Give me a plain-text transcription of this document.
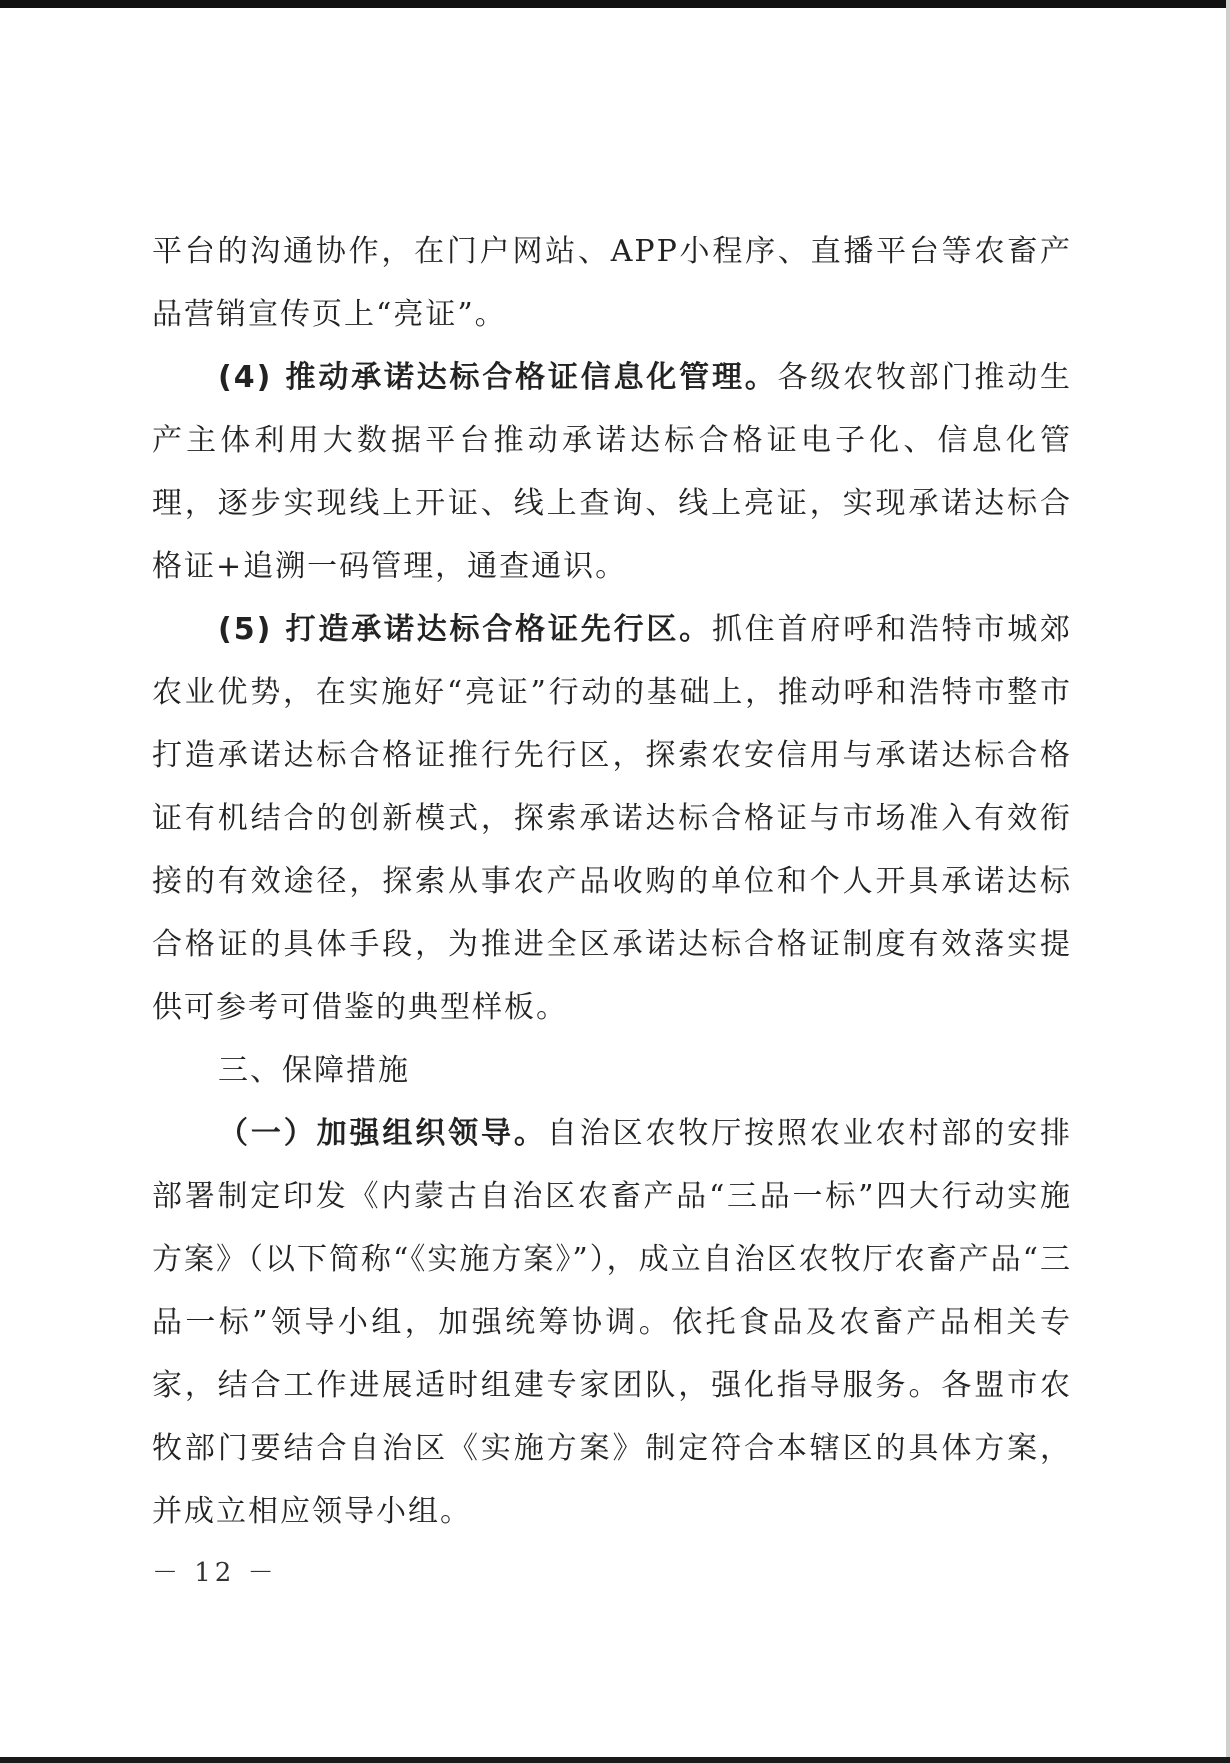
平台的沟通协作，在门户网站、APP小程序、直播平台等农畜产品营销宣传页上“亮证”。

(4) 推动承诺达标合格证信息化管理。各级农牧部门推动生产主体利用大数据平台推动承诺达标合格证电子化、信息化管理，逐步实现线上开证、线上查询、线上亮证，实现承诺达标合格证+追溯一码管理，通查通识。

(5) 打造承诺达标合格证先行区。抓住首府呼和浩特市城郊农业优势，在实施好“亮证”行动的基础上，推动呼和浩特市整市打造承诺达标合格证推行先行区，探索农安信用与承诺达标合格证有机结合的创新模式，探索承诺达标合格证与市场准入有效衔接的有效途径，探索从事农产品收购的单位和个人开具承诺达标合格证的具体手段，为推进全区承诺达标合格证制度有效落实提供可参考可借鉴的典型样板。

三、保障措施

（一）加强组织领导。自治区农牧厅按照农业农村部的安排部署制定印发《内蒙古自治区农畜产品“三品一标”四大行动实施方案》（以下简称“《实施方案》”），成立自治区农牧厅农畜产品“三品一标”领导小组，加强统筹协调。依托食品及农畜产品相关专家，结合工作进展适时组建专家团队，强化指导服务。各盟市农牧部门要结合自治区《实施方案》制定符合本辖区的具体方案，并成立相应领导小组。

－ 12 －
